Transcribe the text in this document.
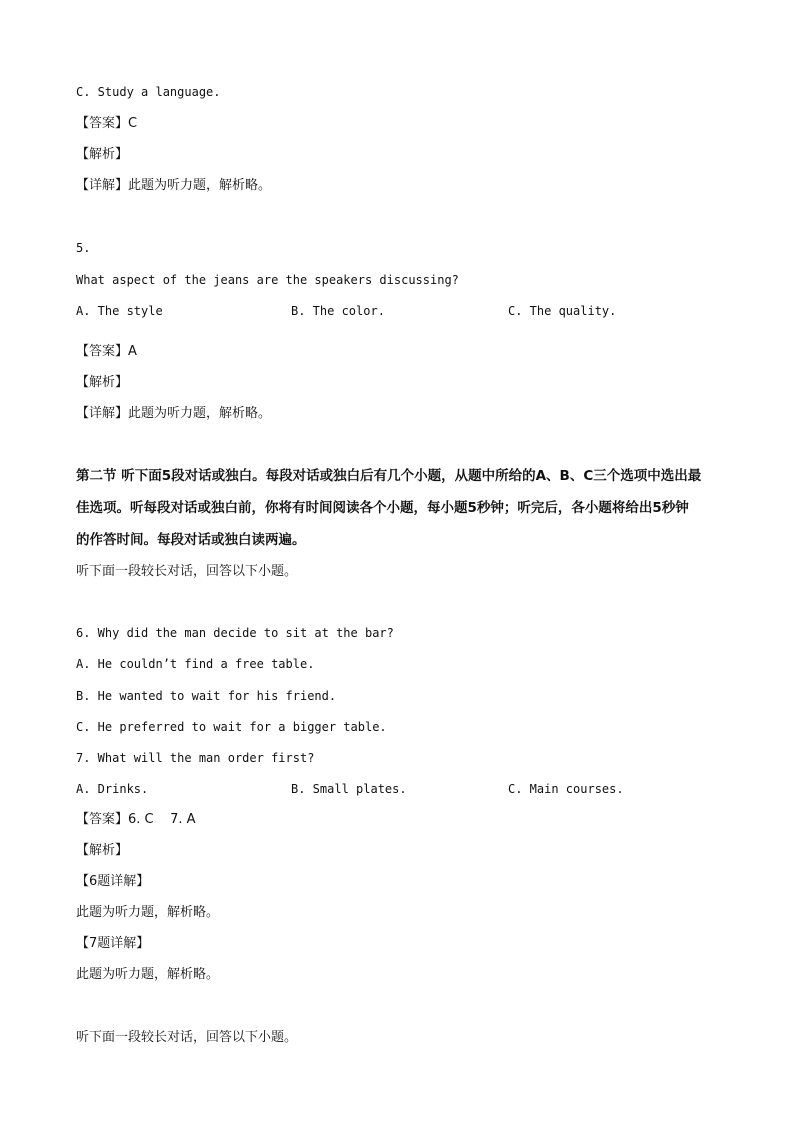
C. Study a language.
【答案】C
【解析】
【详解】此题为听力题，解析略。
5.
What aspect of the jeans are the speakers discussing?
A. The style	B. The color.	C. The quality.
【答案】A
【解析】
【详解】此题为听力题，解析略。
第二节 听下面5段对话或独白。每段对话或独白后有几个小题，从题中所给的A、B、C三个选项中选出最
佳选项。听每段对话或独白前，你将有时间阅读各个小题，每小题5秒钟；听完后，各小题将给出5秒钟
的作答时间。每段对话或独白读两遍。
听下面一段较长对话，回答以下小题。
6. Why did the man decide to sit at the bar?
A. He couldn’t find a free table.
B. He wanted to wait for his friend.
C. He preferred to wait for a bigger table.
7. What will the man order first?
A. Drinks.	B. Small plates.	C. Main courses.
【答案】6. C    7. A
【解析】
【6题详解】
此题为听力题，解析略。
【7题详解】
此题为听力题，解析略。
听下面一段较长对话，回答以下小题。
